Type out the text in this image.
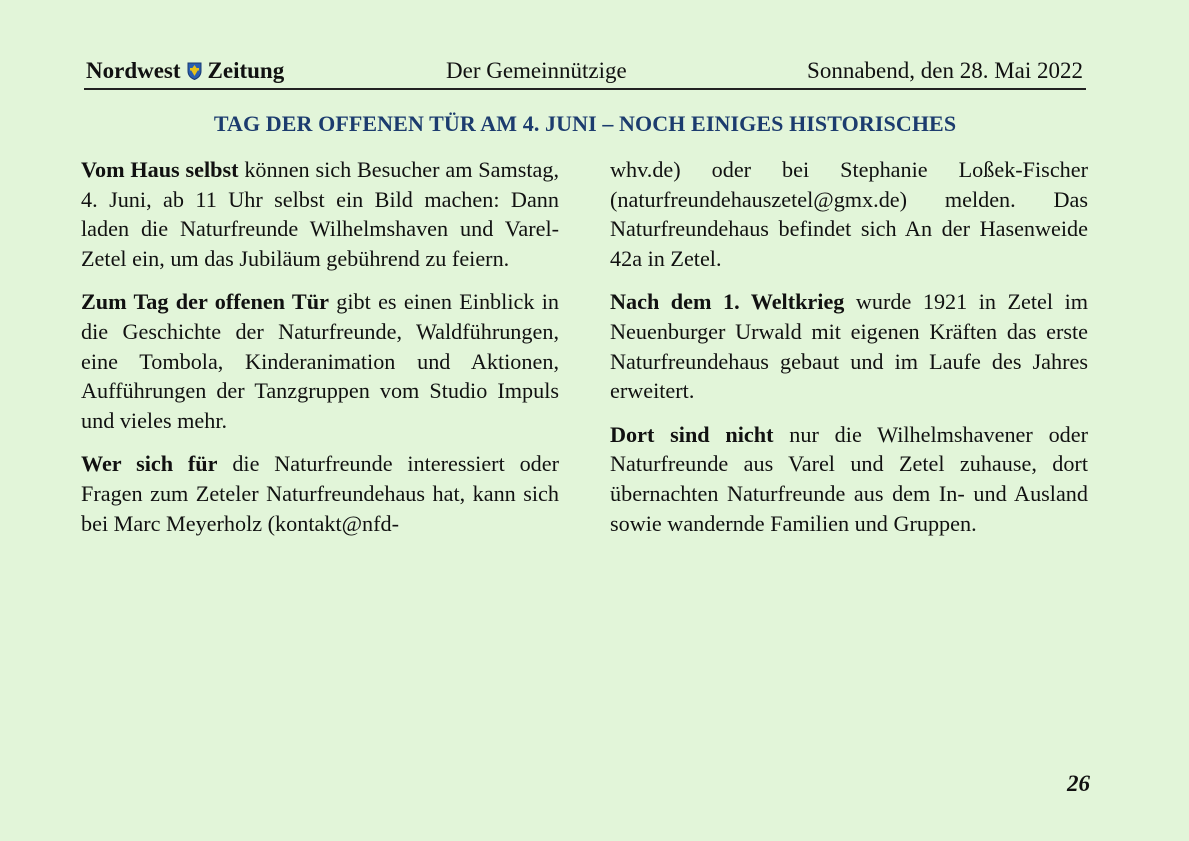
Nordwest Zeitung	Der Gemeinnützige	Sonnabend, den 28. Mai 2022
TAG DER OFFENEN TÜR AM 4. JUNI – NOCH EINIGES HISTORISCHES

Vom Haus selbst können sich Besucher am Samstag, 4. Juni, ab 11 Uhr selbst ein Bild machen: Dann laden die Naturfreunde Wilhelmshaven und Varel-Zetel ein, um das Jubiläum gebührend zu feiern.

Zum Tag der offenen Tür gibt es einen Einblick in die Geschichte der Naturfreunde, Waldführungen, eine Tombola, Kinderanimation und Aktionen, Aufführungen der Tanzgruppen vom Studio Impuls und vieles mehr.

Wer sich für die Naturfreunde interessiert oder Fragen zum Zeteler Naturfreundehaus hat, kann sich bei Marc Meyerholz (kontakt@nfd-

whv.de) oder bei Stephanie Loßek-Fischer (naturfreundehauszetel@gmx.de) melden. Das Naturfreundehaus befindet sich An der Hasenweide 42a in Zetel.

Nach dem 1. Weltkrieg wurde 1921 in Zetel im Neuenburger Urwald mit eigenen Kräften das erste Naturfreundehaus gebaut und im Laufe des Jahres erweitert.

Dort sind nicht nur die Wilhelmshavener oder Naturfreunde aus Varel und Zetel zuhause, dort übernachten Naturfreunde aus dem In- und Ausland sowie wandernde Familien und Gruppen.

26
